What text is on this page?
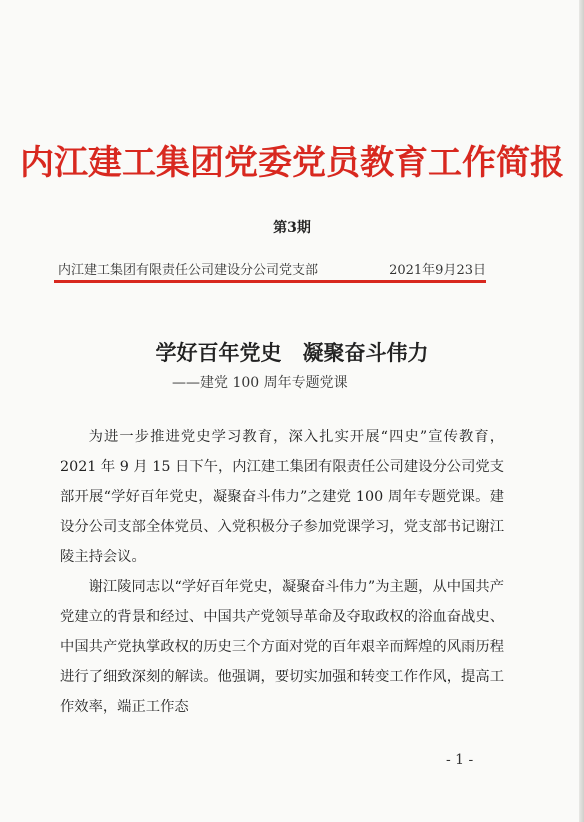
内江建工集团党委党员教育工作简报
第3期
内江建工集团有限责任公司建设分公司党支部	2021年9月23日
学好百年党史　凝聚奋斗伟力
——建党 100 周年专题党课

为进一步推进党史学习教育，深入扎实开展“四史”宣传教育，2021 年 9 月 15 日下午，内江建工集团有限责任公司建设分公司党支部开展“学好百年党史，凝聚奋斗伟力”之建党 100 周年专题党课。建设分公司支部全体党员、入党积极分子参加党课学习，党支部书记谢江陵主持会议。

谢江陵同志以“学好百年党史，凝聚奋斗伟力”为主题，从中国共产党建立的背景和经过、中国共产党领导革命及夺取政权的浴血奋战史、中国共产党执掌政权的历史三个方面对党的百年艰辛而辉煌的风雨历程进行了细致深刻的解读。他强调，要切实加强和转变工作作风，提高工作效率，端正工作态

- 1 -
